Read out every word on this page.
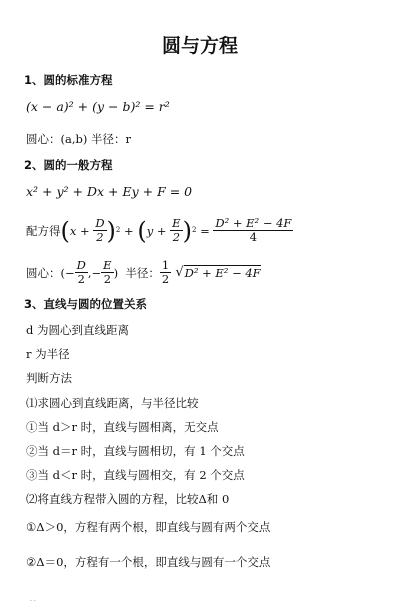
圆与方程
1、圆的标准方程
(x − a)² + (y − b)² = r²
圆心：(a,b) 半径：r
2、圆的一般方程
x² + y² + Dx + Ey + F = 0
配方得 ( $x + \frac{D}{2} )^2$ + ( $y + \frac{E}{2} )^2 = \frac{\text{D² + E² − 4F}}{4}$
圆心： (− $\frac{D}{2}$ ,− $\frac{E}{2}$ ) 半径： $\frac{1}{2}$ √ D² + E² − 4F
3、直线与圆的位置关系
d 为圆心到直线距离
r 为半径
判断方法
⑴求圆心到直线距离，与半径比较
①当 d＞r 时，直线与圆相离，无交点
②当 d＝r 时，直线与圆相切，有 1 个交点
③当 d＜r 时，直线与圆相交，有 2 个交点
⑵将直线方程带入圆的方程，比较Δ和 0
①Δ＞0，方程有两个根，即直线与圆有两个交点
②Δ＝0，方程有一个根，即直线与圆有一个交点
. .
